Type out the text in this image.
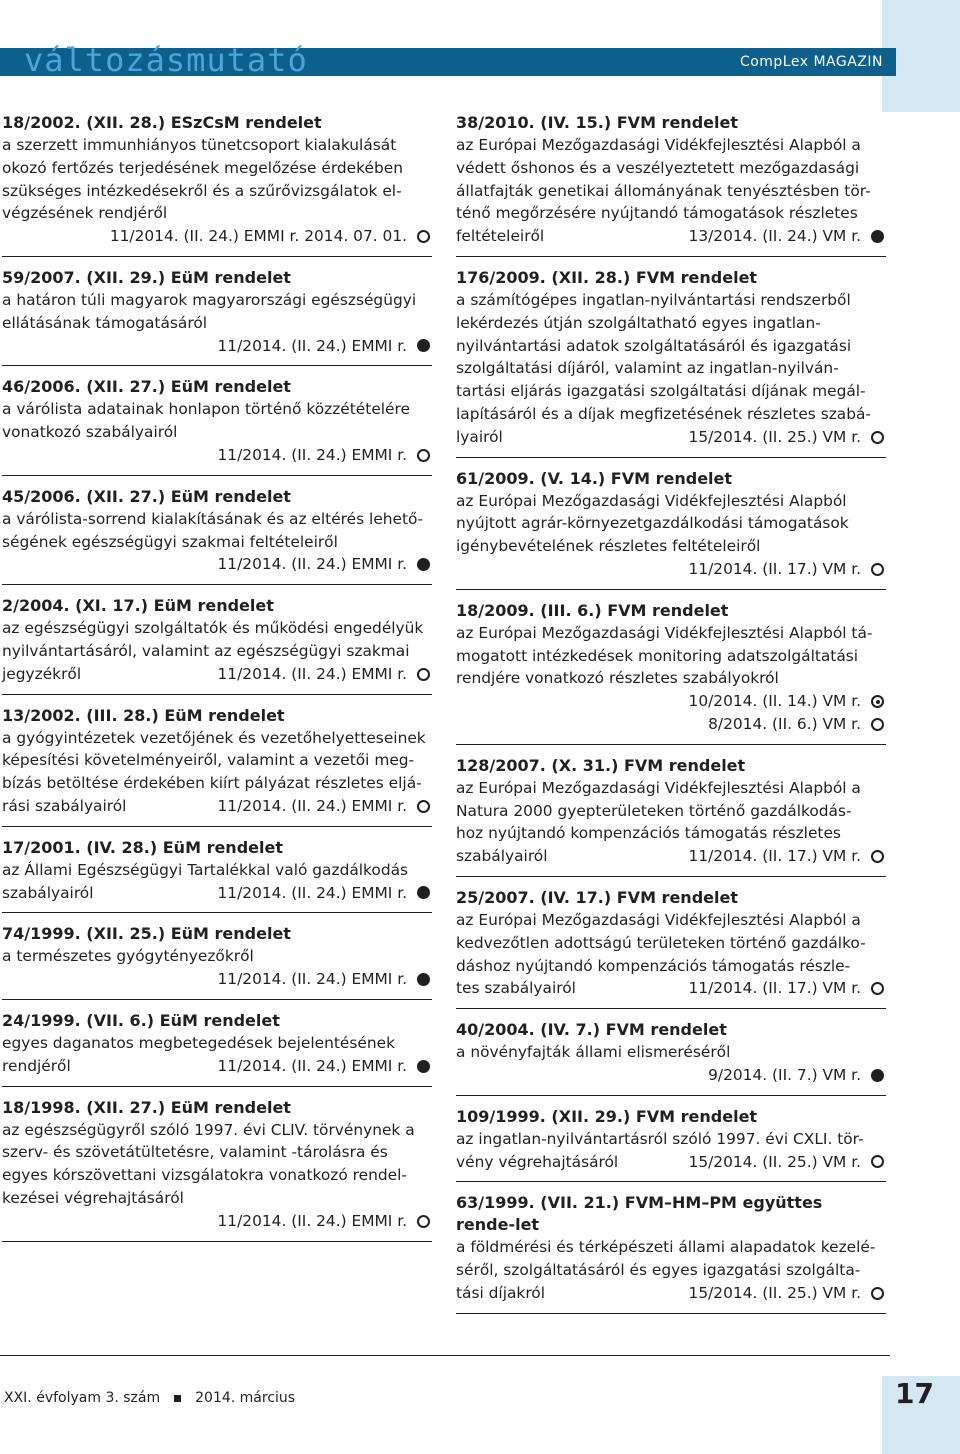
változásmutató	CompLex MAGAZIN
18/2002. (XII. 28.) ESzCsM rendelet

a szerzett immunhiányos tünetcsoport kialakulását okozó fertőzés terjedésének megelőzése érdekében szükséges intézkedésekről és a szűrővizsgálatok el-

végzésének rendjéről

11/2014. (II. 24.) EMMI r. 2014. 07. 01.
59/2007. (XII. 29.) EüM rendelet

a határon túli magyarok magyarországi egészségügyi ellátásának támogatásáról

11/2014. (II. 24.) EMMI r.
46/2006. (XII. 27.) EüM rendelet

a várólista adatainak honlapon történő közzétételére vonatkozó szabályairól

11/2014. (II. 24.) EMMI r.
45/2006. (XII. 27.) EüM rendelet

a várólista-sorrend kialakításának és az eltérés lehető-

ségének egészségügyi szakmai feltételeiről

11/2014. (II. 24.) EMMI r.
2/2004. (XI. 17.) EüM rendelet

az egészségügyi szolgáltatók és működési engedélyük nyilvántartásáról, valamint az egészségügyi szakmai

jegyzékről	11/2014. (II. 24.) EMMI r.
13/2002. (III. 28.) EüM rendelet

a gyógyintézetek vezetőjének és vezetőhelyetteseinek képesítési követelményeiről, valamint a vezetői meg-

bízás betöltése érdekében kiírt pályázat részletes eljá-

rási szabályairól	11/2014. (II. 24.) EMMI r.
17/2001. (IV. 28.) EüM rendelet

az Állami Egészségügyi Tartalékkal való gazdálkodás

szabályairól	11/2014. (II. 24.) EMMI r.
74/1999. (XII. 25.) EüM rendelet

a természetes gyógytényezőkről

11/2014. (II. 24.) EMMI r.
24/1999. (VII. 6.) EüM rendelet

egyes daganatos megbetegedések bejelentésének

rendjéről	11/2014. (II. 24.) EMMI r.
18/1998. (XII. 27.) EüM rendelet

az egészségügyről szóló 1997. évi CLIV. törvénynek a szerv- és szövetátültetésre, valamint -tárolásra és egyes kórszövettani vizsgálatokra vonatkozó rendel-

kezései végrehajtásáról

11/2014. (II. 24.) EMMI r.
38/2010. (IV. 15.) FVM rendelet

az Európai Mezőgazdasági Vidékfejlesztési Alapból a védett őshonos és a veszélyeztetett mezőgazdasági állatfajták genetikai állományának tenyésztésben tör-

ténő megőrzésére nyújtandó támogatások részletes

feltételeiről	13/2014. (II. 24.) VM r.
176/2009. (XII. 28.) FVM rendelet

a számítógépes ingatlan-nyilvántartási rendszerből lekérdezés útján szolgáltatható egyes ingatlan-

nyilvántartási adatok szolgáltatásáról és igazgatási szolgáltatási díjáról, valamint az ingatlan-nyilván-

tartási eljárás igazgatási szolgáltatási díjának megál-

lapításáról és a díjak megfizetésének részletes szabá-

lyairól	15/2014. (II. 25.) VM r.
61/2009. (V. 14.) FVM rendelet

az Európai Mezőgazdasági Vidékfejlesztési Alapból nyújtott agrár-környezetgazdálkodási támogatások igénybevételének részletes feltételeiről

11/2014. (II. 17.) VM r.
18/2009. (III. 6.) FVM rendelet

az Európai Mezőgazdasági Vidékfejlesztési Alapból tá-

mogatott intézkedések monitoring adatszolgáltatási rendjére vonatkozó részletes szabályokról

10/2014. (II. 14.) VM r.
8/2014. (II. 6.) VM r.
128/2007. (X. 31.) FVM rendelet

az Európai Mezőgazdasági Vidékfejlesztési Alapból a Natura 2000 gyepterületeken történő gazdálkodás-

hoz nyújtandó kompenzációs támogatás részletes

szabályairól	11/2014. (II. 17.) VM r.
25/2007. (IV. 17.) FVM rendelet

az Európai Mezőgazdasági Vidékfejlesztési Alapból a kedvezőtlen adottságú területeken történő gazdálko-

dáshoz nyújtandó kompenzációs támogatás részle-

tes szabályairól	11/2014. (II. 17.) VM r.
40/2004. (IV. 7.) FVM rendelet

a növényfajták állami elismeréséről

9/2014. (II. 7.) VM r.
109/1999. (XII. 29.) FVM rendelet

az ingatlan-nyilvántartásról szóló 1997. évi CXLI. tör-

vény végrehajtásáról	15/2014. (II. 25.) VM r.
63/1999. (VII. 21.) FVM–HM–PM együttes rende-let

a földmérési és térképészeti állami alapadatok kezelé-

séről, szolgáltatásáról és egyes igazgatási szolgálta-

tási díjakról	15/2014. (II. 25.) VM r.
XXI. évfolyam 3. szám	2014. március	17
